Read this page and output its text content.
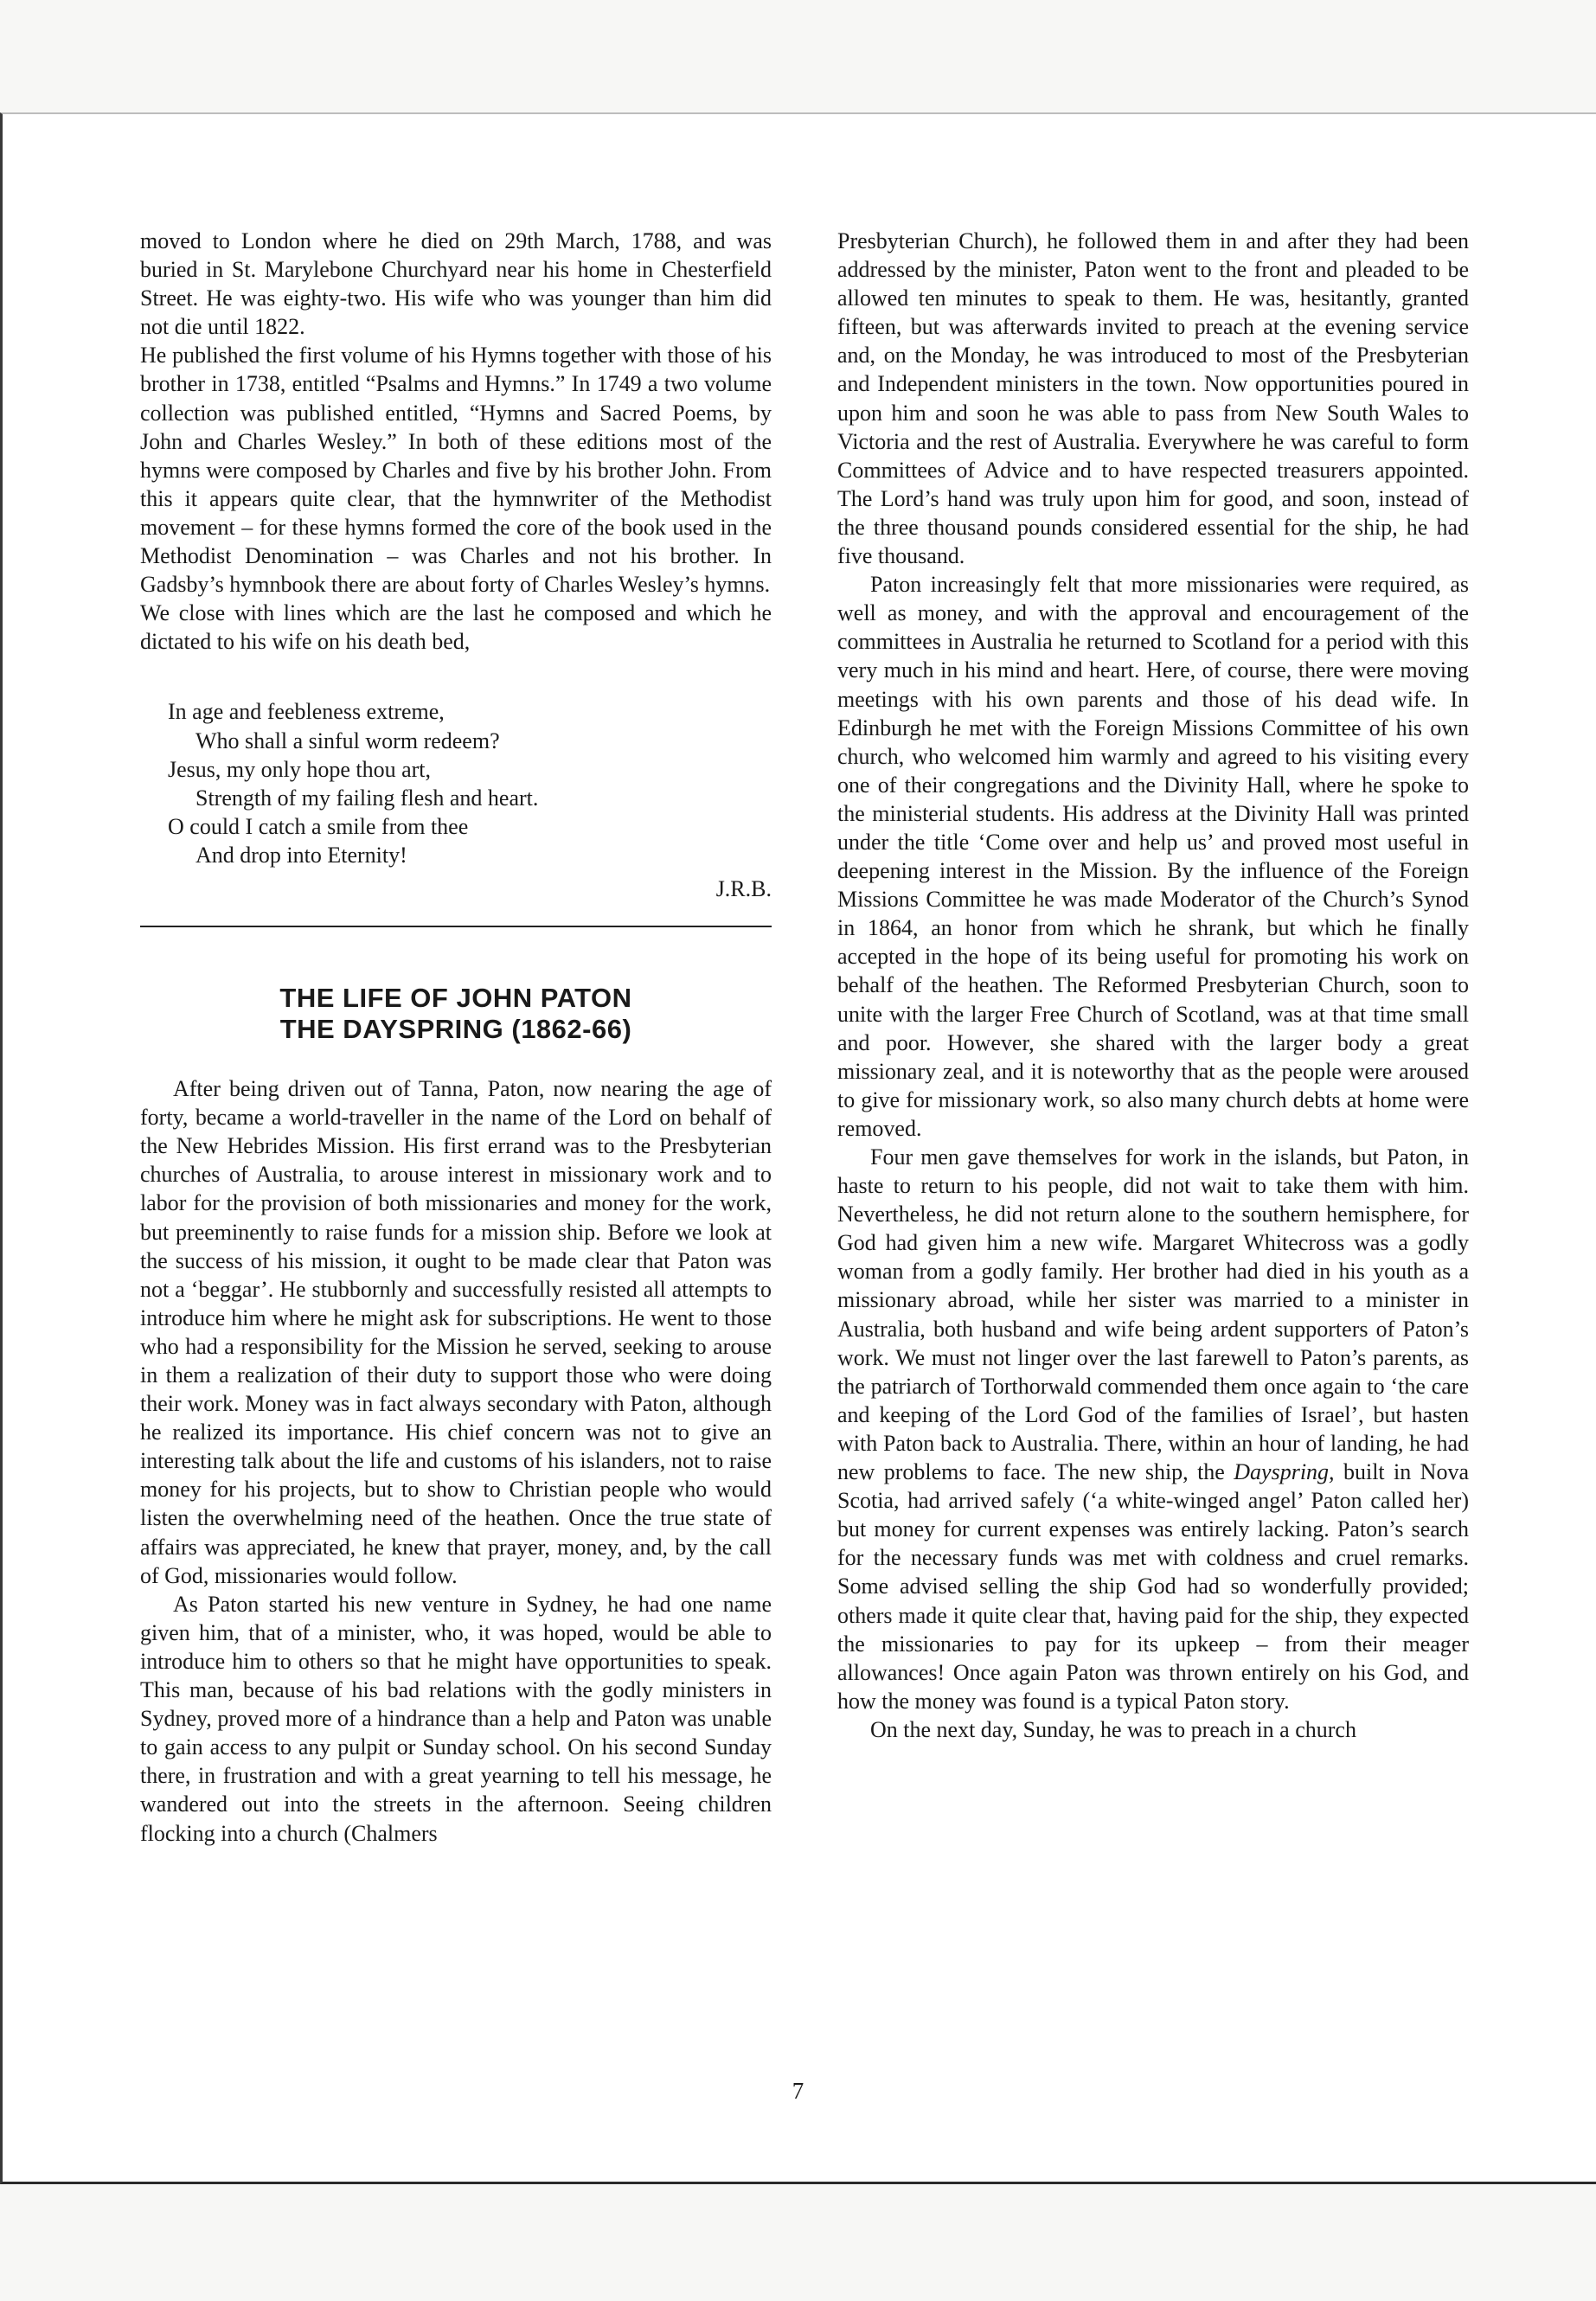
moved to London where he died on 29th March, 1788, and was buried in St. Marylebone Churchyard near his home in Chesterfield Street. He was eighty-two. His wife who was younger than him did not die until 1822.

He published the first volume of his Hymns together with those of his brother in 1738, entitled “Psalms and Hymns.” In 1749 a two volume collection was published entitled, “Hymns and Sacred Poems, by John and Charles Wesley.” In both of these editions most of the hymns were composed by Charles and five by his brother John. From this it appears quite clear, that the hymnwriter of the Methodist movement – for these hymns formed the core of the book used in the Methodist Denomination – was Charles and not his brother. In Gadsby’s hymnbook there are about forty of Charles Wesley’s hymns.

We close with lines which are the last he composed and which he dictated to his wife on his death bed,

In age and feebleness extreme,
Who shall a sinful worm redeem?
Jesus, my only hope thou art,
Strength of my failing flesh and heart.
O could I catch a smile from thee
And drop into Eternity!
J.R.B.
THE LIFE OF JOHN PATON
THE DAYSPRING (1862-66)

After being driven out of Tanna, Paton, now nearing the age of forty, became a world-traveller in the name of the Lord on behalf of the New Hebrides Mission. His first errand was to the Presbyterian churches of Australia, to arouse interest in missionary work and to labor for the provision of both missionaries and money for the work, but preeminently to raise funds for a mission ship. Before we look at the success of his mission, it ought to be made clear that Paton was not a ‘beggar’. He stubbornly and successfully resisted all attempts to introduce him where he might ask for subscriptions. He went to those who had a responsibility for the Mission he served, seeking to arouse in them a realization of their duty to support those who were doing their work. Money was in fact always secondary with Paton, although he realized its importance. His chief concern was not to give an interesting talk about the life and customs of his islanders, not to raise money for his projects, but to show to Christian people who would listen the overwhelming need of the heathen. Once the true state of affairs was appreciated, he knew that prayer, money, and, by the call of God, missionaries would follow.

As Paton started his new venture in Sydney, he had one name given him, that of a minister, who, it was hoped, would be able to introduce him to others so that he might have opportunities to speak. This man, because of his bad relations with the godly ministers in Sydney, proved more of a hindrance than a help and Paton was unable to gain access to any pulpit or Sunday school. On his second Sunday there, in frustration and with a great yearning to tell his message, he wandered out into the streets in the afternoon. Seeing children flocking into a church (Chalmers

Presbyterian Church), he followed them in and after they had been addressed by the minister, Paton went to the front and pleaded to be allowed ten minutes to speak to them. He was, hesitantly, granted fifteen, but was afterwards invited to preach at the evening service and, on the Monday, he was introduced to most of the Presbyterian and Independent ministers in the town. Now opportunities poured in upon him and soon he was able to pass from New South Wales to Victoria and the rest of Australia. Everywhere he was careful to form Committees of Advice and to have respected treasurers appointed. The Lord’s hand was truly upon him for good, and soon, instead of the three thousand pounds considered essential for the ship, he had five thousand.

Paton increasingly felt that more missionaries were required, as well as money, and with the approval and encouragement of the committees in Australia he returned to Scotland for a period with this very much in his mind and heart. Here, of course, there were moving meetings with his own parents and those of his dead wife. In Edinburgh he met with the Foreign Missions Committee of his own church, who welcomed him warmly and agreed to his visiting every one of their congregations and the Divinity Hall, where he spoke to the ministerial students. His address at the Divinity Hall was printed under the title ‘Come over and help us’ and proved most useful in deepening interest in the Mission. By the influence of the Foreign Missions Committee he was made Moderator of the Church’s Synod in 1864, an honor from which he shrank, but which he finally accepted in the hope of its being useful for promoting his work on behalf of the heathen. The Reformed Presbyterian Church, soon to unite with the larger Free Church of Scotland, was at that time small and poor. However, she shared with the larger body a great missionary zeal, and it is noteworthy that as the people were aroused to give for missionary work, so also many church debts at home were removed.

Four men gave themselves for work in the islands, but Paton, in haste to return to his people, did not wait to take them with him. Nevertheless, he did not return alone to the southern hemisphere, for God had given him a new wife. Margaret Whitecross was a godly woman from a godly family. Her brother had died in his youth as a missionary abroad, while her sister was married to a minister in Australia, both husband and wife being ardent supporters of Paton’s work. We must not linger over the last farewell to Paton’s parents, as the patriarch of Torthorwald commended them once again to ‘the care and keeping of the Lord God of the families of Israel’, but hasten with Paton back to Australia. There, within an hour of landing, he had new problems to face. The new ship, the Dayspring, built in Nova Scotia, had arrived safely (‘a white-winged angel’ Paton called her) but money for current expenses was entirely lacking. Paton’s search for the necessary funds was met with coldness and cruel remarks. Some advised selling the ship God had so wonderfully provided; others made it quite clear that, having paid for the ship, they expected the missionaries to pay for its upkeep – from their meager allowances! Once again Paton was thrown entirely on his God, and how the money was found is a typical Paton story.

On the next day, Sunday, he was to preach in a church

7
